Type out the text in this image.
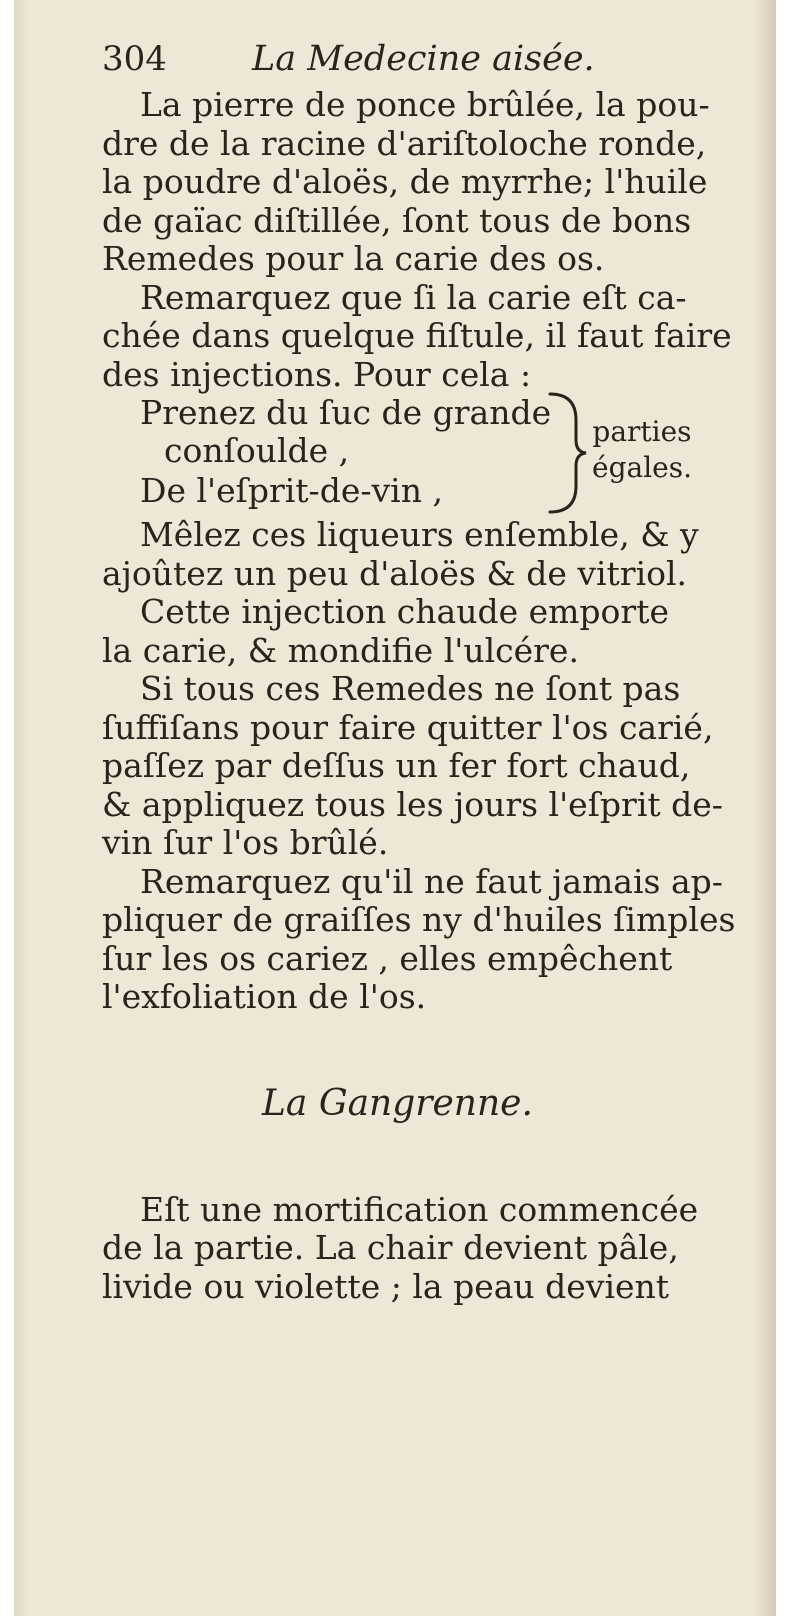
304	La Medecine aisée.

La pierre de ponce brûlée, la pou-
dre de la racine d'ariſtoloche ronde,
la poudre d'aloës, de myrrhe; l'huile
de gaïac diſtillée, ſont tous de bons
Remedes pour la carie des os.

Remarquez que ſi la carie eſt ca-
chée dans quelque fiſtule, il faut faire
des injections. Pour cela :

Prenez du ſuc de grande
conſoulde ,
De l'eſprit-de-vin ,
parties
égales.

Mêlez ces liqueurs enſemble, & y
ajoûtez un peu d'aloës & de vitriol.

Cette injection chaude emporte
la carie, & mondifie l'ulcére.

Si tous ces Remedes ne ſont pas
ſuffiſans pour faire quitter l'os carié,
paſſez par deſſus un fer fort chaud,
& appliquez tous les jours l'eſprit de-
vin ſur l'os brûlé.

Remarquez qu'il ne faut jamais ap-
pliquer de graiſſes ny d'huiles ſimples
ſur les os cariez , elles empêchent
l'exfoliation de l'os.

La Gangrenne.

Eſt une mortification commencée
de la partie. La chair devient pâle,
livide ou violette ; la peau devient
